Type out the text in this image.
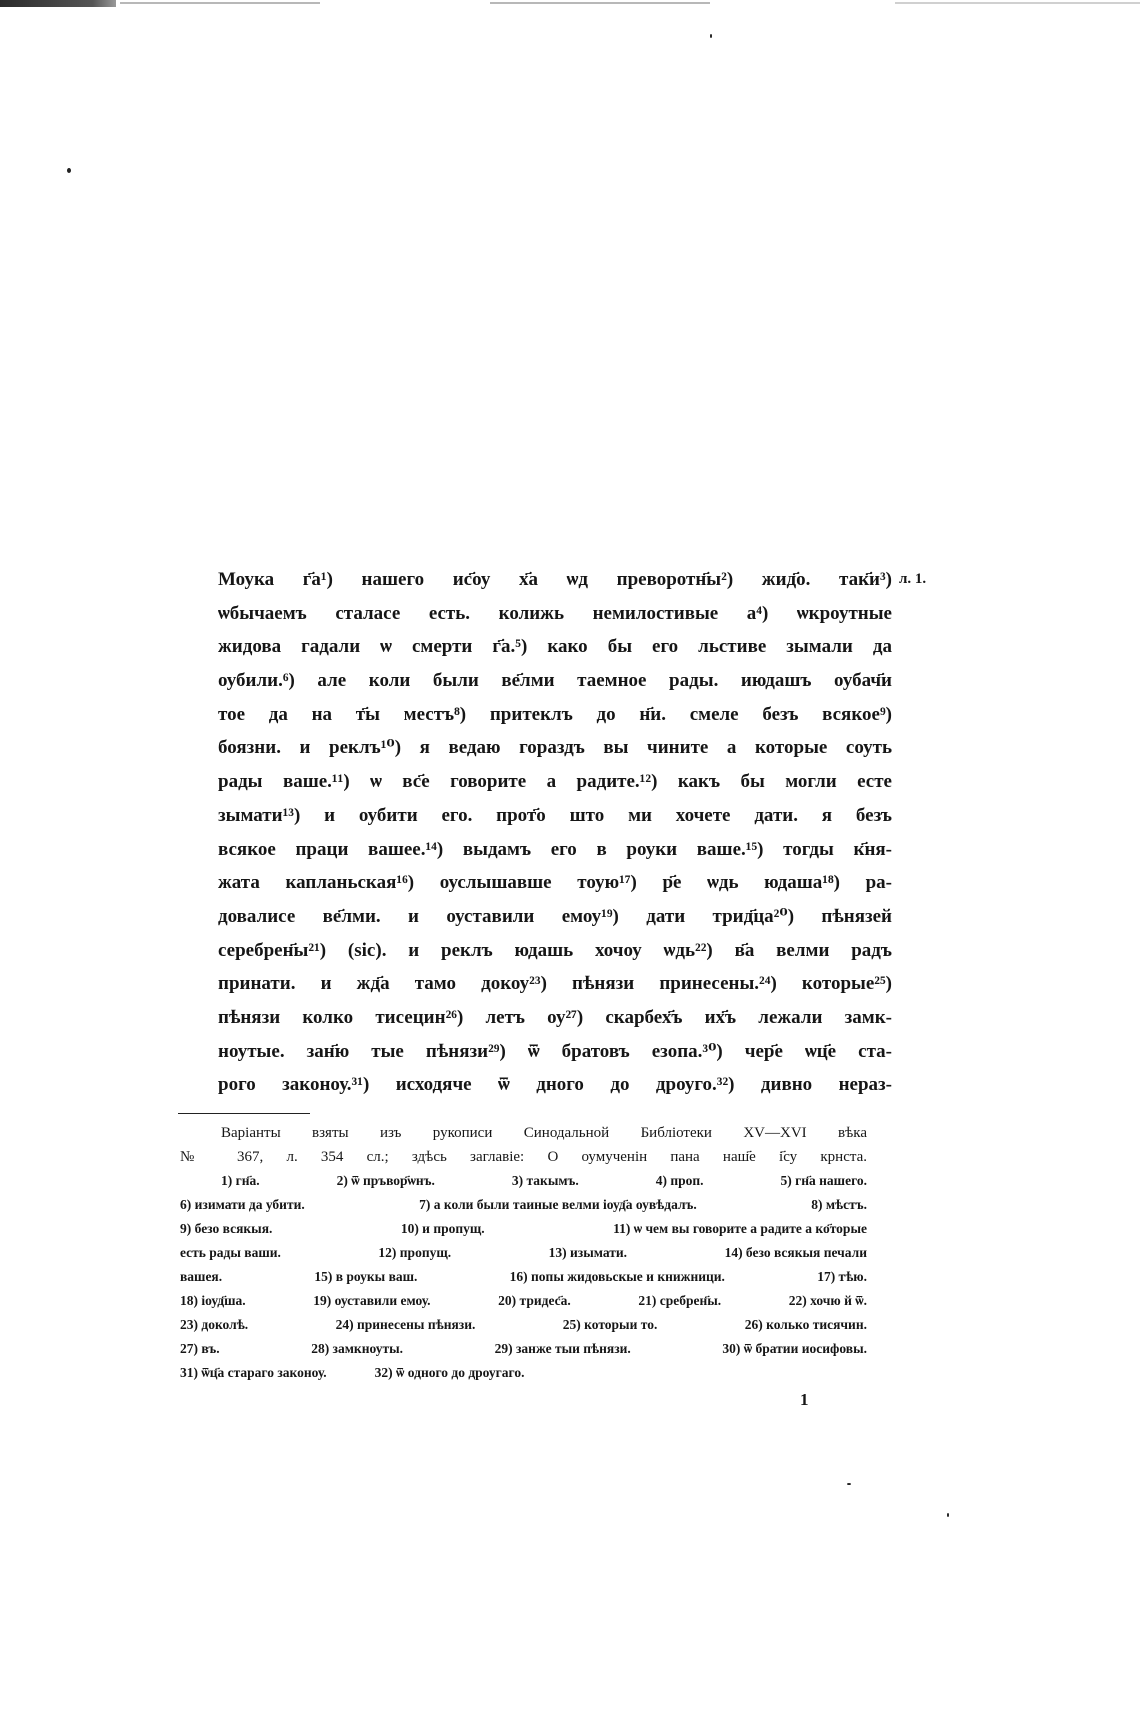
Моука г҃а¹) нашего ис҃оу х҃а ѡд преворотн҃ы²) жид҃о. так҃и³)
ѡбычаемъ сталасе есть. колижь немилостивые а⁴) ѡкроутные
жидова гадали ѡ смерти г҃а.⁵) како бы его льстиве зымали да
оубили.⁶) але коли были ве҃лми таемное рады. июдашъ оубач҃и
тое да на т҃ы местъ⁸) притеклъ до н҃и. смеле безъ всякое⁹)
боязни. и реклъ¹⁰) я ведаю гораздъ вы чините а которые соуть
рады ваше.¹¹) ѡ вс҃е говорите а радите.¹²) какъ бы могли есте
зымати¹³) и оубити его. прот҃о што ми хочете дати. я безъ
всякое праци вашее.¹⁴) выдамъ его в роуки ваше.¹⁵) тогды к҃ня-
жата капланьская¹⁶) оуслышавше тоую¹⁷) р҃е ѡдь юдаша¹⁸) ра-
довалисе ве҃лми. и оуставили емоу¹⁹) дати трид҃ца²⁰) пѣнязей
серебрен҃ы²¹) (sic). и реклъ юдашь хочоу ѡдь²²) в҃а велми радъ
принати. и жд҃а тамо докоу²³) пѣнязи принесены.²⁴) которые²⁵)
пѣнязи колко тисецин²⁶) летъ оу²⁷) скарбех҃ъ их҃ъ лежали замк-
ноутые. зан҃ю тые пѣнязи²⁹) ѿ братовъ езопа.³⁰) чер҃е ѡц҃е ста-
рого законоу.³¹) исходяче ѿ дного до дроуго.³²) дивно нераз-
л. 1.
Варіанты взяты изъ рукописи Синодальной Библіотеки XV—XVI вѣка
№ 367, л. 354 сл.; здѣсь заглавіе: О оумученін пана наш҃е і҃су крнста.
1) гн҃а.	2) ѿ пръвор҃ѡнъ.	3) такымъ.	4) проп.	5) гн҃а нашего.
6) изимати да убити.	7) а коли были таиные велми іоуд҃а оувѣдалъ.	8) мѣстъ.
9) безо всякыя.	10) и пропущ.	11) ѡ чем вы говорите а радите а ко҃торые
есть рады ваши.	12) пропущ.	13) изымати.	14) безо всякыя печали
вашея.	15) в роукы ваш.	16) попы жидовьскые и книжници.	17) тѣю.
18) іоуд҃ша.	19) оуставили емоу.	20) тридес҃а.	21) сребрен҃ы.	22) хочю й ѿ.
23) доколѣ.	24) принесены пѣнязи.	25) которыи то.	26) колько тисячин.
27) въ.	28) замкноуты.	29) занже тыи пѣнязи.	30) ѿ братии иосифовы.
31) ѿц҃а стараго законоу.	32) ѿ одного до дроугаго.
1
